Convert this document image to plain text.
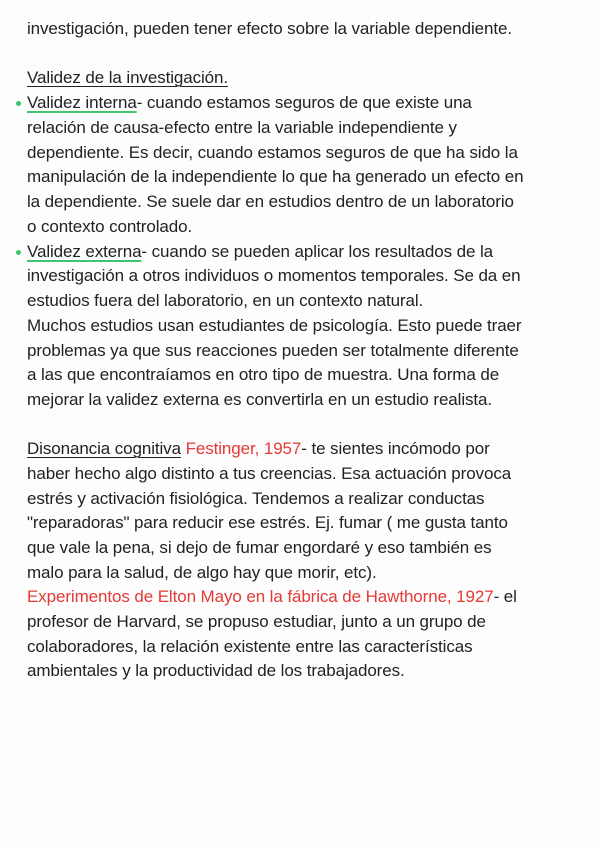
investigación, pueden tener efecto sobre la variable dependiente.
Validez de la investigación.
Validez interna- cuando estamos seguros de que existe una
relación de causa-efecto entre la variable independiente y
dependiente. Es decir, cuando estamos seguros de que ha sido la
manipulación de la independiente lo que ha generado un efecto en
la dependiente. Se suele dar en estudios dentro de un laboratorio
o contexto controlado.
Validez externa- cuando se pueden aplicar los resultados de la
investigación a otros individuos o momentos temporales. Se da en
estudios fuera del laboratorio, en un contexto natural.
Muchos estudios usan estudiantes de psicología. Esto puede traer
problemas ya que sus reacciones pueden ser totalmente diferente
a las que encontraíamos en otro tipo de muestra. Una forma de
mejorar la validez externa es convertirla en un estudio realista.
Disonancia cognitiva Festinger, 1957- te sientes incómodo por
haber hecho algo distinto a tus creencias. Esa actuación provoca
estrés y activación fisiológica. Tendemos a realizar conductas
"reparadoras" para reducir ese estrés. Ej. fumar ( me gusta tanto
que vale la pena, si dejo de fumar engordaré y eso también es
malo para la salud, de algo hay que morir, etc).
Experimentos de Elton Mayo en la fábrica de Hawthorne, 1927- el
profesor de Harvard, se propuso estudiar, junto a un grupo de
colaboradores, la relación existente entre las características
ambientales y la productividad de los trabajadores.
